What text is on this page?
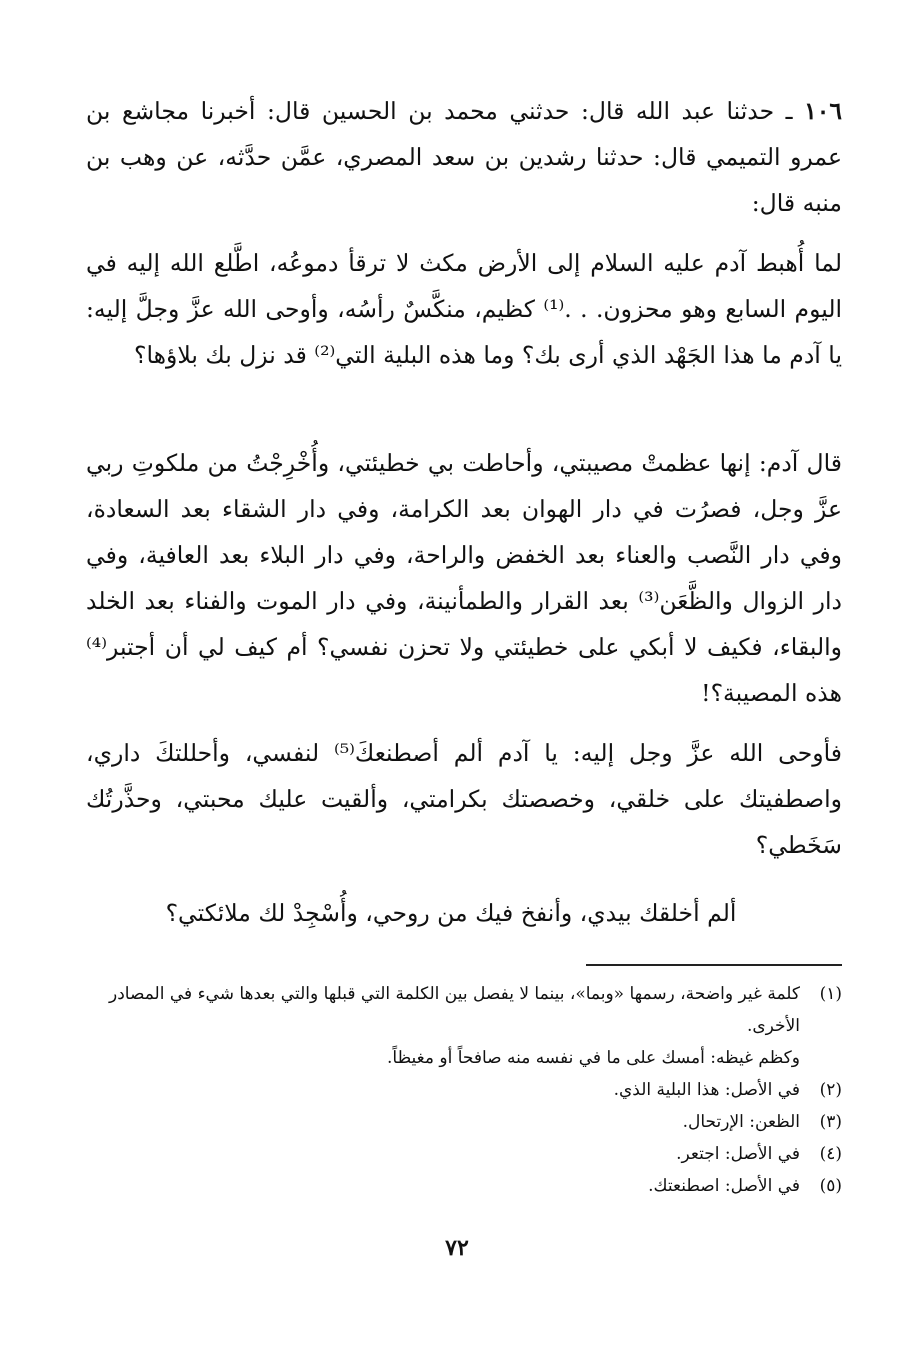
١٠٦ ـ حدثنا عبد الله قال: حدثني محمد بن الحسين قال: أخبرنا مجاشع بن عمرو التميمي قال: حدثنا رشدين بن سعد المصري، عمَّن حدَّثه، عن وهب بن منبه قال:
لما أُهبط آدم عليه السلام إلى الأرض مكث لا ترقأ دموعُه، اطَّلع الله إليه في اليوم السابع وهو محزون. . .⁽¹⁾ كظيم، منكَّسٌ رأسُه، وأوحى الله عزَّ وجلَّ إليه: يا آدم ما هذا الجَهْد الذي أرى بك؟ وما هذه البلية التي⁽²⁾ قد نزل بك بلاؤها؟
قال آدم: إنها عظمتْ مصيبتي، وأحاطت بي خطيئتي، وأُخْرِجْتُ من ملكوتِ ربي عزَّ وجل، فصرُت في دار الهوان بعد الكرامة، وفي دار الشقاء بعد السعادة، وفي دار النَّصب والعناء بعد الخفض والراحة، وفي دار البلاء بعد العافية، وفي دار الزوال والظَّعَن⁽³⁾ بعد القرار والطمأنينة، وفي دار الموت والفناء بعد الخلد والبقاء، فكيف لا أبكي على خطيئتي ولا تحزن نفسي؟ أم كيف لي أن أجتبر⁽⁴⁾ هذه المصيبة؟!
فأوحى الله عزَّ وجل إليه: يا آدم ألم أصطنعكَ⁽⁵⁾ لنفسي، وأحللتكَ داري، واصطفيتك على خلقي، وخصصتك بكرامتي، وألقيت عليك محبتي، وحذَّرتُك سَخَطي؟
ألم أخلقك بيدي، وأنفخ فيك من روحي، وأُسْجِدْ لك ملائكتي؟
(١)
كلمة غير واضحة، رسمها «وبما»، بينما لا يفصل بين الكلمة التي قبلها والتي بعدها شيء في المصادر الأخرى.
وكظم غيظه: أمسك على ما في نفسه منه صافحاً أو مغيظاً.
(٢)
في الأصل: هذا البلية الذي.
(٣)
الظعن: الإرتحال.
(٤)
في الأصل: اجتعر.
(٥)
في الأصل: اصطنعتك.
٧٢
